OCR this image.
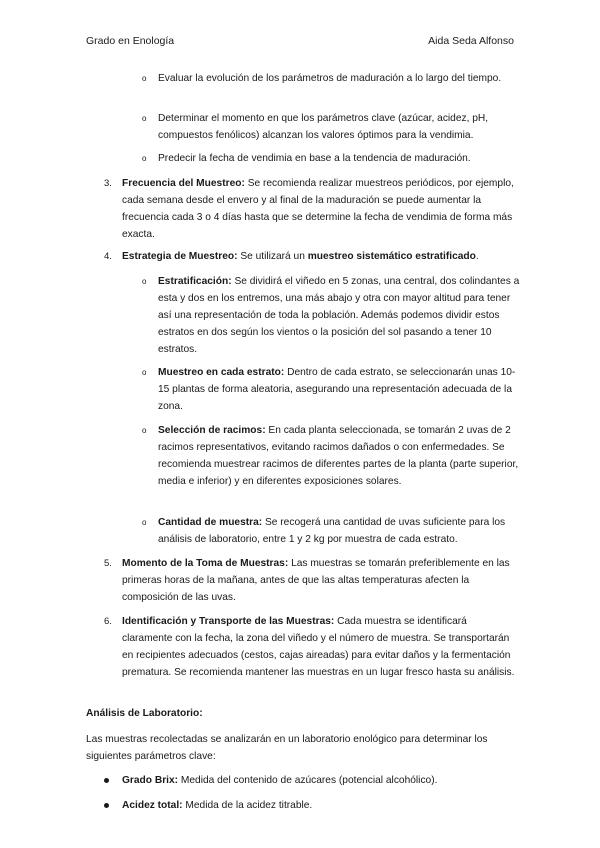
Grado en Enología	Aida Seda Alfonso
o Evaluar la evolución de los parámetros de maduración a lo largo del tiempo.
o Determinar el momento en que los parámetros clave (azúcar, acidez, pH, compuestos fenólicos) alcanzan los valores óptimos para la vendimia.
o Predecir la fecha de vendimia en base a la tendencia de maduración.
3. Frecuencia del Muestreo: Se recomienda realizar muestreos periódicos, por ejemplo, cada semana desde el envero y al final de la maduración se puede aumentar la frecuencia cada 3 o 4 días hasta que se determine la fecha de vendimia de forma más exacta.
4. Estrategia de Muestreo: Se utilizará un muestreo sistemático estratificado.
o Estratificación: Se dividirá el viñedo en 5 zonas, una central, dos colindantes a esta y dos en los entremos, una más abajo y otra con mayor altitud para tener así una representación de toda la población. Además podemos dividir estos estratos en dos según los vientos o la posición del sol pasando a tener 10 estratos.
o Muestreo en cada estrato: Dentro de cada estrato, se seleccionarán unas 10-15 plantas de forma aleatoria, asegurando una representación adecuada de la zona.
o Selección de racimos: En cada planta seleccionada, se tomarán 2 uvas de 2 racimos representativos, evitando racimos dañados o con enfermedades. Se recomienda muestrear racimos de diferentes partes de la planta (parte superior, media e inferior) y en diferentes exposiciones solares.
o Cantidad de muestra: Se recogerá una cantidad de uvas suficiente para los análisis de laboratorio, entre 1 y 2 kg por muestra de cada estrato.
5. Momento de la Toma de Muestras: Las muestras se tomarán preferiblemente en las primeras horas de la mañana, antes de que las altas temperaturas afecten la composición de las uvas.
6. Identificación y Transporte de las Muestras: Cada muestra se identificará claramente con la fecha, la zona del viñedo y el número de muestra. Se transportarán en recipientes adecuados (cestos, cajas aireadas) para evitar daños y la fermentación prematura. Se recomienda mantener las muestras en un lugar fresco hasta su análisis.
Análisis de Laboratorio:
Las muestras recolectadas se analizarán en un laboratorio enológico para determinar los siguientes parámetros clave:
Grado Brix: Medida del contenido de azúcares (potencial alcohólico).
Acidez total: Medida de la acidez titrable.
